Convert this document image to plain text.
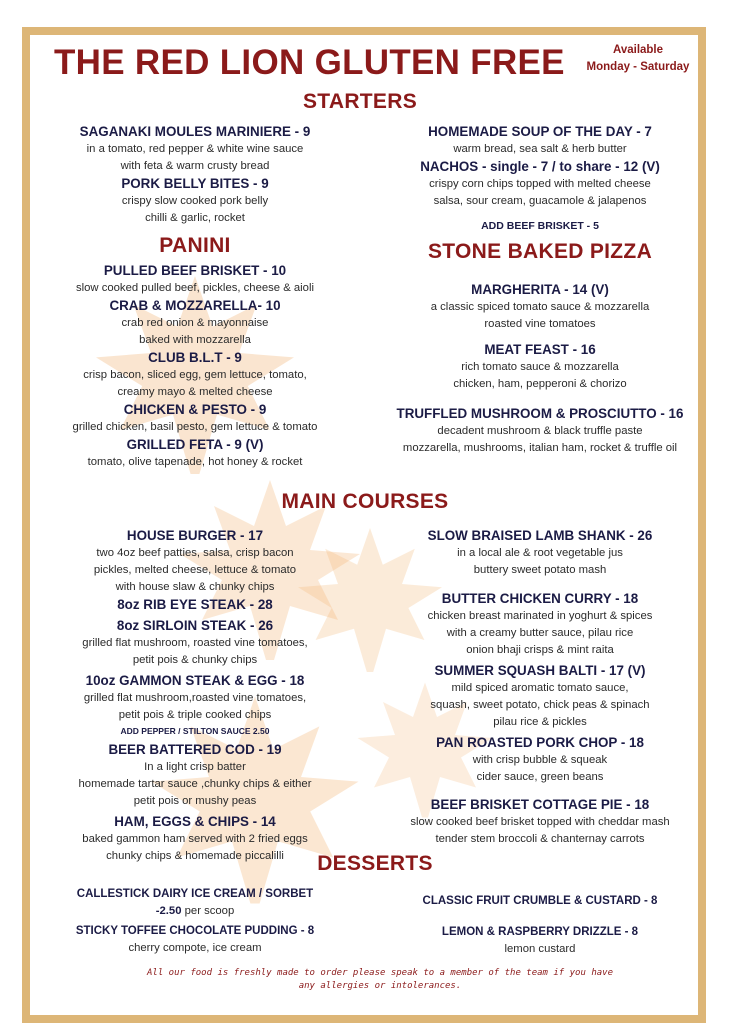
THE RED LION GLUTEN FREE	Available
Monday - Saturday
STARTERS
SAGANAKI MOULES MARINIERE - 9
in a tomato, red pepper & white wine sauce
with feta & warm crusty bread
PORK BELLY BITES - 9
crispy slow cooked pork belly
chilli & garlic, rocket
HOMEMADE SOUP OF THE DAY - 7
warm bread, sea salt & herb butter
NACHOS - single - 7 / to share - 12 (V)
crispy corn chips topped with melted cheese
salsa, sour cream, guacamole & jalapenos
ADD BEEF BRISKET - 5
PANINI
PULLED BEEF BRISKET - 10
slow cooked pulled beef, pickles, cheese & aioli
CRAB & MOZZARELLA- 10
crab red onion & mayonnaise
baked with mozzarella
CLUB B.L.T - 9
crisp bacon, sliced egg, gem lettuce, tomato,
creamy mayo & melted cheese
CHICKEN & PESTO - 9
grilled chicken, basil pesto, gem lettuce & tomato
GRILLED FETA - 9 (V)
tomato, olive tapenade, hot honey & rocket
STONE BAKED PIZZA
MARGHERITA - 14 (V)
a classic spiced tomato sauce & mozzarella
roasted vine tomatoes
MEAT FEAST - 16
rich tomato sauce & mozzarella
chicken, ham, pepperoni & chorizo
TRUFFLED MUSHROOM & PROSCIUTTO - 16
decadent mushroom & black truffle paste
mozzarella, mushrooms, italian ham, rocket & truffle oil
MAIN COURSES
HOUSE BURGER - 17
two 4oz beef patties, salsa, crisp bacon
pickles, melted cheese, lettuce & tomato
with house slaw & chunky chips
8oz RIB EYE STEAK - 28
8oz SIRLOIN STEAK - 26
grilled flat mushroom, roasted vine tomatoes,
petit pois & chunky chips
10oz GAMMON STEAK & EGG - 18
grilled flat mushroom,roasted vine tomatoes,
petit pois & triple cooked chips
ADD PEPPER / STILTON SAUCE 2.50
BEER BATTERED COD - 19
In a light crisp batter
homemade tartar sauce ,chunky chips & either
petit pois or mushy peas
HAM, EGGS & CHIPS - 14
baked gammon ham served with 2 fried eggs
chunky chips & homemade piccalilli
SLOW BRAISED LAMB SHANK - 26
in a local ale & root vegetable jus
buttery sweet potato mash
BUTTER CHICKEN CURRY - 18
chicken breast marinated in yoghurt & spices
with a creamy butter sauce, pilau rice
onion bhaji crisps & mint raita
SUMMER SQUASH BALTI - 17 (V)
mild spiced aromatic tomato sauce,
squash, sweet potato, chick peas & spinach
pilau rice & pickles
PAN ROASTED PORK CHOP - 18
with crisp bubble & squeak
cider sauce, green beans
BEEF BRISKET COTTAGE PIE - 18
slow cooked beef brisket topped with cheddar mash
tender stem broccoli & chanternay carrots
DESSERTS
CALLESTICK DAIRY ICE CREAM / SORBET
-2.50 per scoop
STICKY TOFFEE CHOCOLATE PUDDING - 8
cherry compote, ice cream
CLASSIC FRUIT CRUMBLE & CUSTARD - 8
LEMON & RASPBERRY DRIZZLE - 8
lemon custard
All our food is freshly made to order please speak to a member of the team if you have
any allergies or intolerances.
